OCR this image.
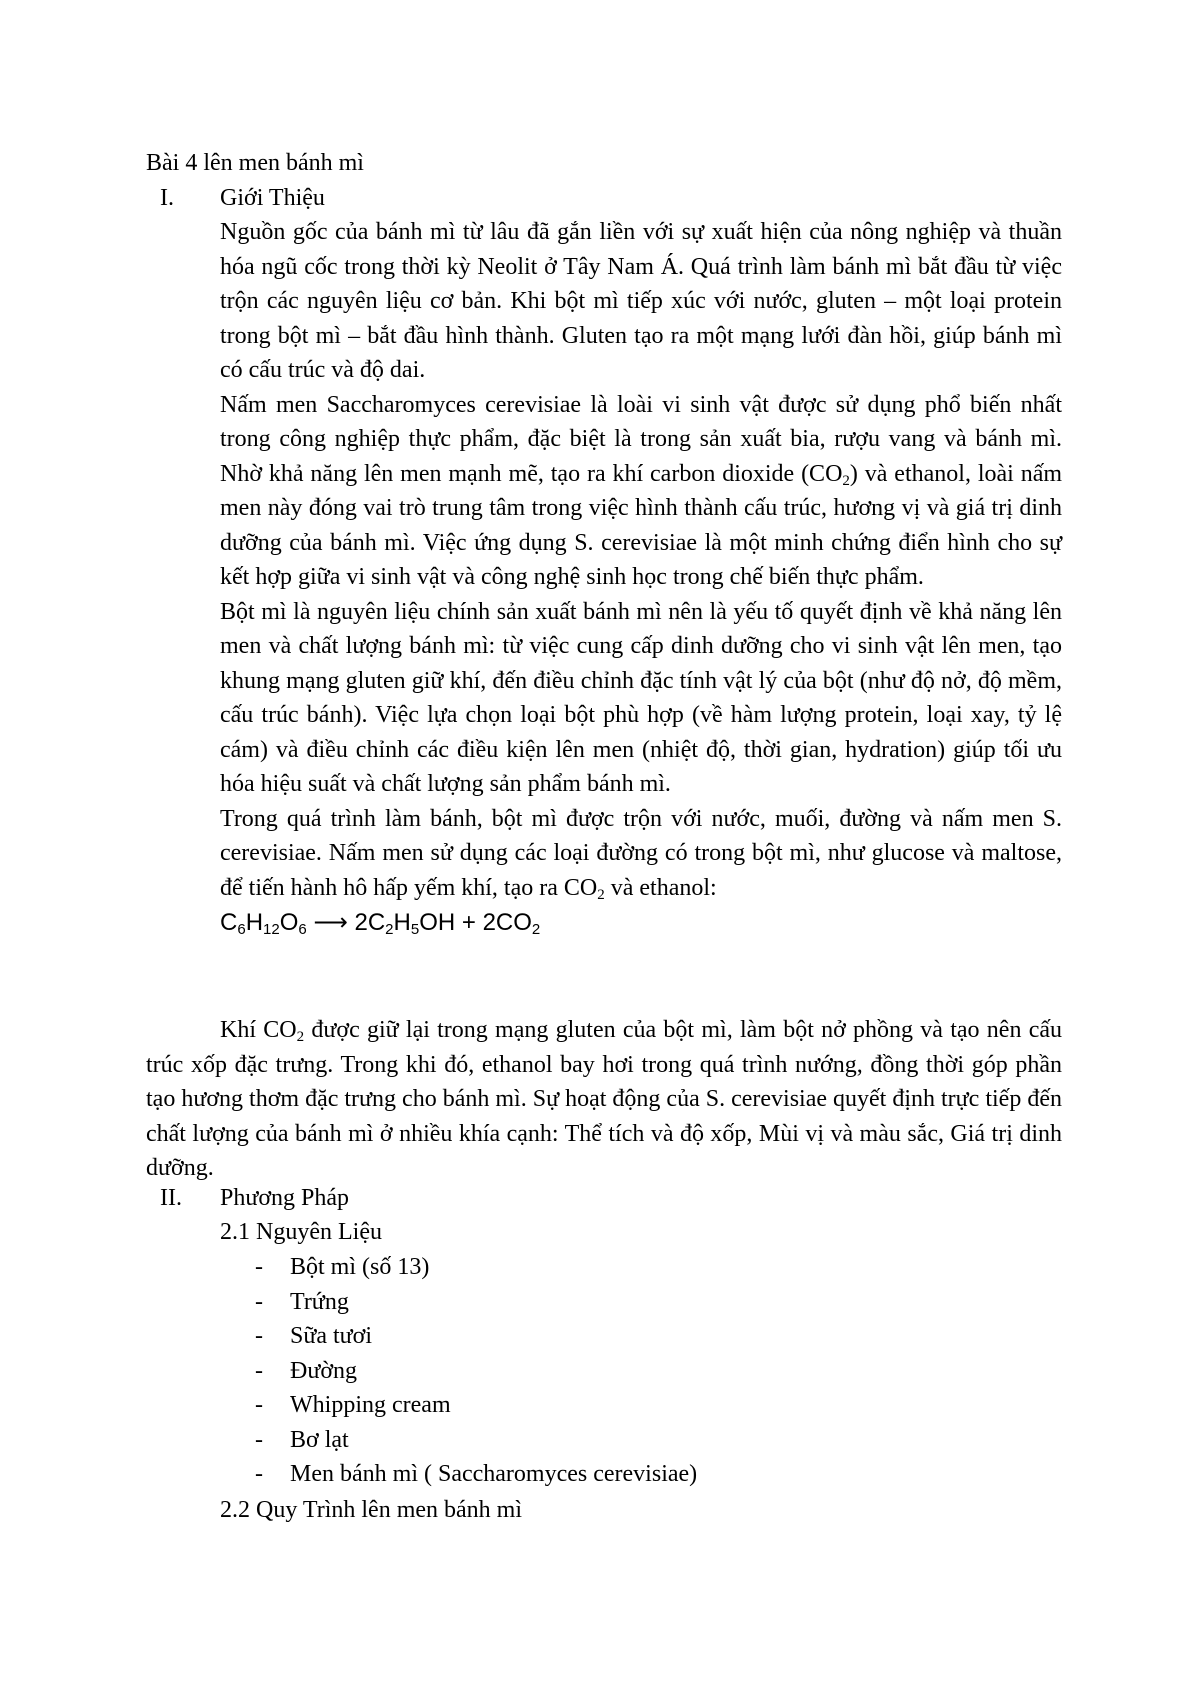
Bài 4 lên men bánh mì
I. Giới Thiệu

Nguồn gốc của bánh mì từ lâu đã gắn liền với sự xuất hiện của nông nghiệp và thuần hóa ngũ cốc trong thời kỳ Neolit ở Tây Nam Á. Quá trình làm bánh mì bắt đầu từ việc trộn các nguyên liệu cơ bản. Khi bột mì tiếp xúc với nước, gluten – một loại protein trong bột mì – bắt đầu hình thành. Gluten tạo ra một mạng lưới đàn hồi, giúp bánh mì có cấu trúc và độ dai.

Nấm men Saccharomyces cerevisiae là loài vi sinh vật được sử dụng phổ biến nhất trong công nghiệp thực phẩm, đặc biệt là trong sản xuất bia, rượu vang và bánh mì. Nhờ khả năng lên men mạnh mẽ, tạo ra khí carbon dioxide $(CO_2)$ và ethanol, loài nấm men này đóng vai trò trung tâm trong việc hình thành cấu trúc, hương vị và giá trị dinh dưỡng của bánh mì. Việc ứng dụng S. cerevisiae là một minh chứng điển hình cho sự kết hợp giữa vi sinh vật và công nghệ sinh học trong chế biến thực phẩm.

Bột mì là nguyên liệu chính sản xuất bánh mì nên là yếu tố quyết định về khả năng lên men và chất lượng bánh mì: từ việc cung cấp dinh dưỡng cho vi sinh vật lên men, tạo khung mạng gluten giữ khí, đến điều chỉnh đặc tính vật lý của bột (như độ nở, độ mềm, cấu trúc bánh). Việc lựa chọn loại bột phù hợp (về hàm lượng protein, loại xay, tỷ lệ cám) và điều chỉnh các điều kiện lên men (nhiệt độ, thời gian, hydration) giúp tối ưu hóa hiệu suất và chất lượng sản phẩm bánh mì.

Trong quá trình làm bánh, bột mì được trộn với nước, muối, đường và nấm men S. cerevisiae. Nấm men sử dụng các loại đường có trong bột mì, như glucose và maltose, để tiến hành hô hấp yếm khí, tạo ra $CO_2$ và ethanol:

$C_6H_{12}O_6$ ⟶ $2C_2H_5OH + 2CO_2$

Khí $CO_2$ được giữ lại trong mạng gluten của bột mì, làm bột nở phồng và tạo nên cấu trúc xốp đặc trưng. Trong khi đó, ethanol bay hơi trong quá trình nướng, đồng thời góp phần tạo hương thơm đặc trưng cho bánh mì. Sự hoạt động của S. cerevisiae quyết định trực tiếp đến chất lượng của bánh mì ở nhiều khía cạnh: Thể tích và độ xốp, Mùi vị và màu sắc, Giá trị dinh dưỡng.

II. Phương Pháp
2.1 Nguyên Liệu
- Bột mì (số 13)
- Trứng
- Sữa tươi
- Đường
- Whipping cream
- Bơ lạt
- Men bánh mì ( Saccharomyces cerevisiae)
2.2 Quy Trình lên men bánh mì
